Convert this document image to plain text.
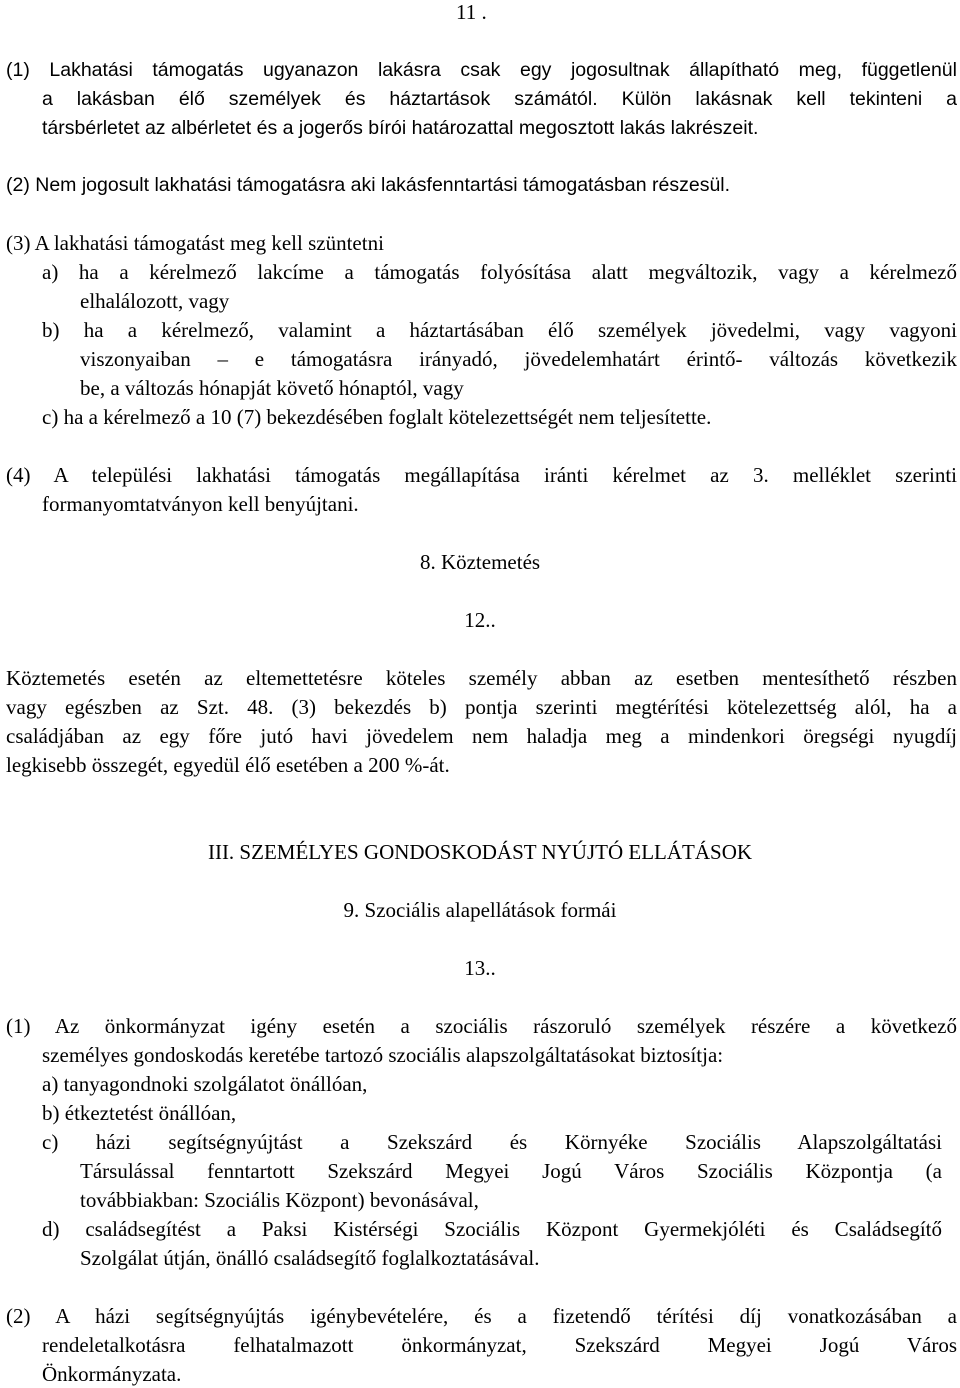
11 .
(1) Lakhatási támogatás ugyanazon lakásra csak egy jogosultnak állapítható meg, függetlenül
a lakásban élő személyek és háztartások számától. Külön lakásnak kell tekinteni a
társbérletet az albérletet és a jogerős bírói határozattal megosztott lakás lakrészeit.
(2) Nem jogosult lakhatási támogatásra aki lakásfenntartási támogatásban részesül.
(3) A lakhatási támogatást meg kell szüntetni
a) ha a kérelmező lakcíme a támogatás folyósítása alatt megváltozik, vagy a kérelmező
elhalálozott, vagy
b) ha a kérelmező, valamint a háztartásában élő személyek jövedelmi, vagy vagyoni
viszonyaiban – e támogatásra irányadó, jövedelemhatárt érintő- változás következik
be, a változás hónapját követő hónaptól, vagy
c) ha a kérelmező a 10 (7) bekezdésében foglalt kötelezettségét nem teljesítette.
(4) A települési lakhatási támogatás megállapítása iránti kérelmet az 3. melléklet szerinti
formanyomtatványon kell benyújtani.
8. Köztemetés
12..
Köztemetés esetén az eltemettetésre köteles személy abban az esetben mentesíthető részben
vagy egészben az Szt. 48. (3) bekezdés b) pontja szerinti megtérítési kötelezettség alól, ha a
családjában az egy főre jutó havi jövedelem nem haladja meg a mindenkori öregségi nyugdíj
legkisebb összegét, egyedül élő esetében a 200 %-át.
III. SZEMÉLYES GONDOSKODÁST NYÚJTÓ ELLÁTÁSOK
9. Szociális alapellátások formái
13..
(1) Az önkormányzat igény esetén a szociális rászoruló személyek részére a következő
személyes gondoskodás keretébe tartozó szociális alapszolgáltatásokat biztosítja:
a) tanyagondnoki szolgálatot önállóan,
b) étkeztetést önállóan,
c) házi segítségnyújtást a Szekszárd és Környéke Szociális Alapszolgáltatási
Társulással fenntartott Szekszárd Megyei Jogú Város Szociális Központja (a
továbbiakban: Szociális Központ) bevonásával,
d) családsegítést a Paksi Kistérségi Szociális Központ Gyermekjóléti és Családsegítő
Szolgálat útján, önálló családsegítő foglalkoztatásával.
(2) A házi segítségnyújtás igénybevételére, és a fizetendő térítési díj vonatkozásában a
rendeletalkotásra felhatalmazott önkormányzat, Szekszárd Megyei Jogú Város
Önkormányzata.
